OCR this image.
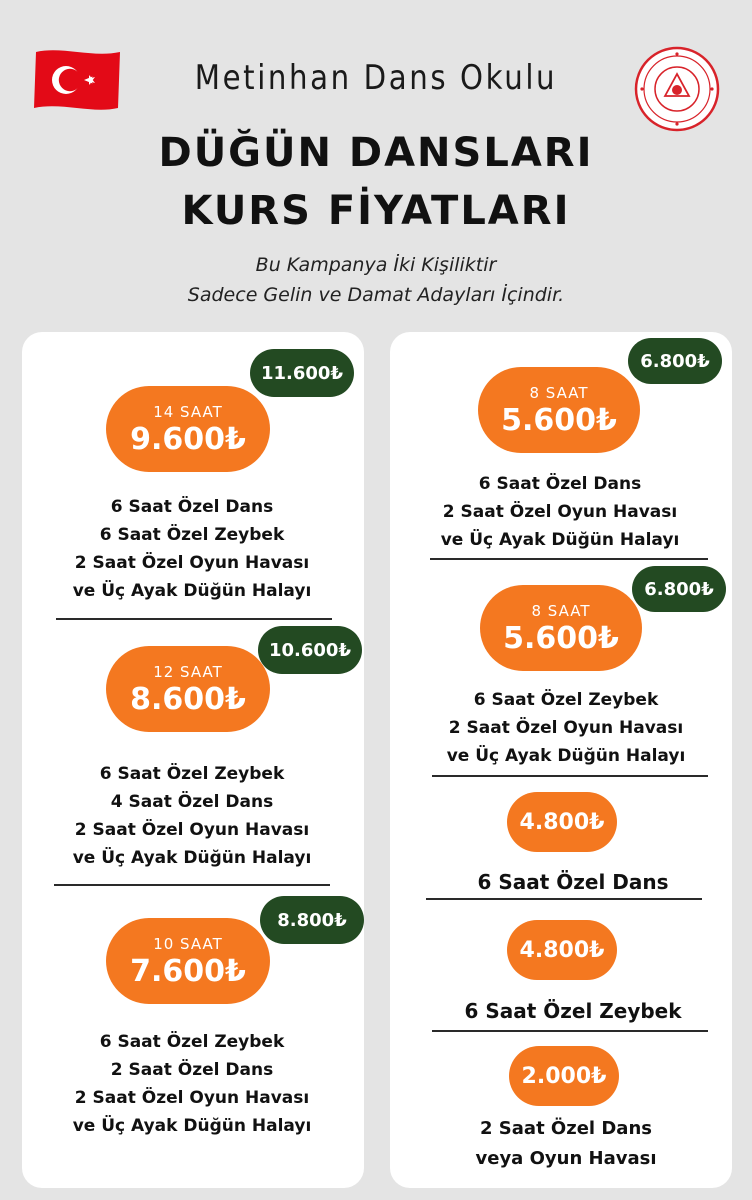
Metinhan Dans Okulu
DÜĞÜN DANSLARI
KURS FİYATLARI
Bu Kampanya İki Kişiliktir
Sadece Gelin ve Damat Adayları İçindir.
11.600₺
14 SAAT
9.600₺
6 Saat Özel Dans
6 Saat Özel Zeybek
2 Saat Özel Oyun Havası
ve Üç Ayak Düğün Halayı
10.600₺
12 SAAT
8.600₺
6 Saat Özel Zeybek
4 Saat Özel Dans
2 Saat Özel Oyun Havası
ve Üç Ayak Düğün Halayı
8.800₺
10 SAAT
7.600₺
6 Saat Özel Zeybek
2 Saat Özel Dans
2 Saat Özel Oyun Havası
ve Üç Ayak Düğün Halayı
6.800₺
8 SAAT
5.600₺
6 Saat Özel Dans
2 Saat Özel Oyun Havası
ve Üç Ayak Düğün Halayı
6.800₺
8 SAAT
5.600₺
6 Saat Özel Zeybek
2 Saat Özel Oyun Havası
ve Üç Ayak Düğün Halayı
4.800₺
6 Saat Özel Dans
4.800₺
6 Saat Özel Zeybek
2.000₺
2 Saat Özel Dans
veya Oyun Havası
